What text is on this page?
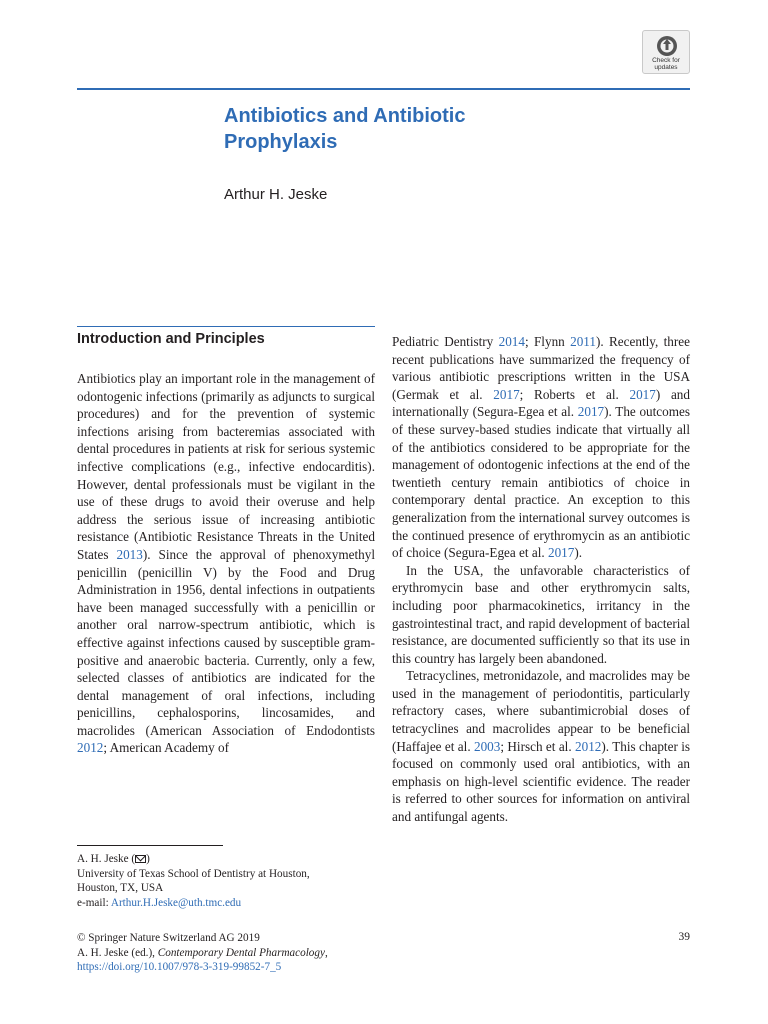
Check for
updates
Antibiotics and Antibiotic
Prophylaxis

Arthur H. Jeske

Introduction and Principles

Antibiotics play an important role in the management of odontogenic infections (primarily as adjuncts to surgical procedures) and for the prevention of systemic infections arising from bacteremias associated with dental procedures in patients at risk for serious systemic infective complications (e.g., infective endocarditis). However, dental professionals must be vigilant in the use of these drugs to avoid their overuse and help address the serious issue of increasing antibiotic resistance (Antibiotic Resistance Threats in the United States 2013). Since the approval of phenoxymethyl penicillin (penicillin V) by the Food and Drug Administration in 1956, dental infections in outpatients have been managed successfully with a penicillin or another oral narrow-spectrum antibiotic, which is effective against infections caused by susceptible gram-positive and anaerobic bacteria. Currently, only a few, selected classes of antibiotics are indicated for the dental management of oral infections, including penicillins, cephalosporins, lincosamides, and macrolides (American Association of Endodontists 2012; American Academy of

Pediatric Dentistry 2014; Flynn 2011). Recently, three recent publications have summarized the frequency of various antibiotic prescriptions written in the USA (Germak et al. 2017; Roberts et al. 2017) and internationally (Segura-Egea et al. 2017). The outcomes of these survey-based studies indicate that virtually all of the antibiotics considered to be appropriate for the management of odontogenic infections at the end of the twentieth century remain antibiotics of choice in contemporary dental practice. An exception to this generalization from the international survey outcomes is the continued presence of erythromycin as an antibiotic of choice (Segura-Egea et al. 2017).

In the USA, the unfavorable characteristics of erythromycin base and other erythromycin salts, including poor pharmacokinetics, irritancy in the gastrointestinal tract, and rapid development of bacterial resistance, are documented sufficiently so that its use in this country has largely been abandoned.

Tetracyclines, metronidazole, and macrolides may be used in the management of periodontitis, particularly refractory cases, where subantimicrobial doses of tetracyclines and macrolides appear to be beneficial (Haffajee et al. 2003; Hirsch et al. 2012). This chapter is focused on commonly used oral antibiotics, with an emphasis on high-level scientific evidence. The reader is referred to other sources for information on antiviral and antifungal agents.

A. H. Jeske ( )
University of Texas School of Dentistry at Houston,
Houston, TX, USA
e-mail: Arthur.H.Jeske@uth.tmc.edu
© Springer Nature Switzerland AG 2019
A. H. Jeske (ed.), Contemporary Dental Pharmacology,
https://doi.org/10.1007/978-3-319-99852-7_5
39
